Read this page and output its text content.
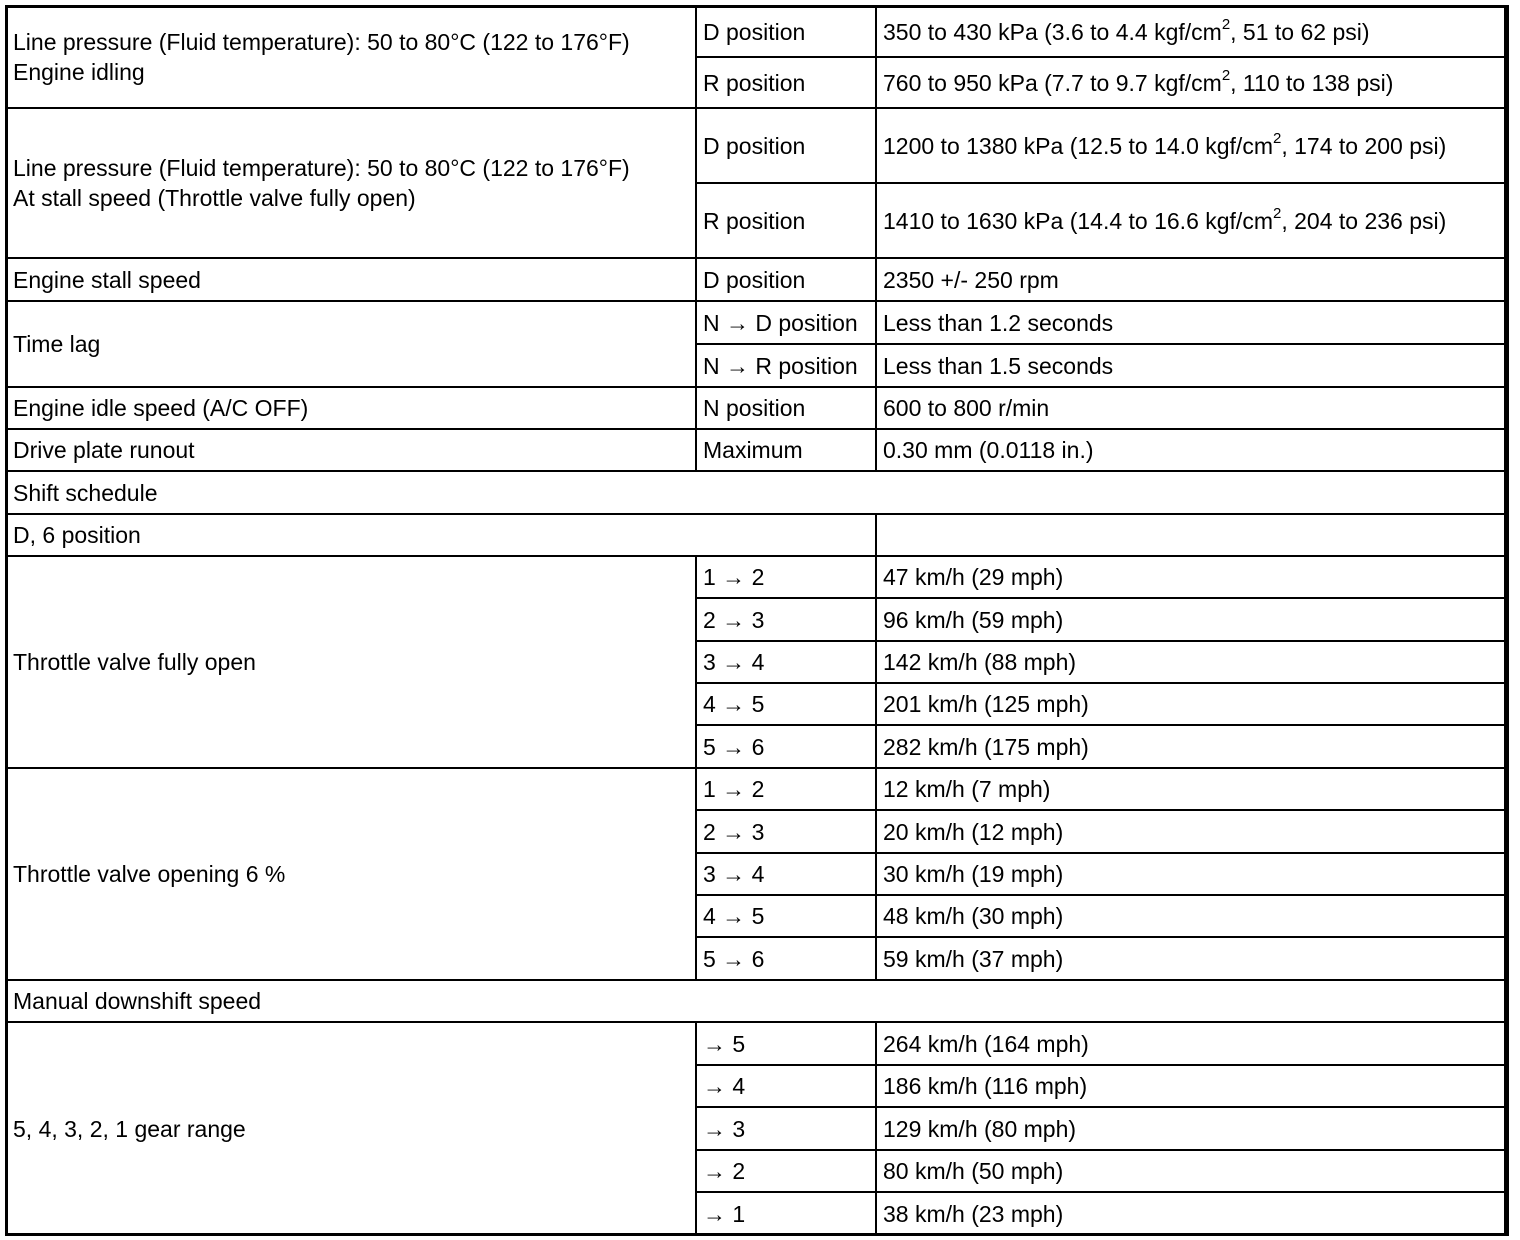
Line pressure (Fluid temperature): 50 to 80°C (122 to 176°F)
Engine idling	D position	350 to 430 kPa (3.6 to 4.4 kgf/$cm^2$, 51 to 62 psi)
	R position	760 to 950 kPa (7.7 to 9.7 kgf/$cm^2$, 110 to 138 psi)

Line pressure (Fluid temperature): 50 to 80°C (122 to 176°F)
At stall speed (Throttle valve fully open)	D position	1200 to 1380 kPa (12.5 to 14.0 kgf/$cm^2$, 174 to 200 psi)
	R position	1410 to 1630 kPa (14.4 to 16.6 kgf/$cm^2$, 204 to 236 psi)
Engine stall speed	D position	2350 +/- 250 rpm
Time lag	N → D position	Less than 1.2 seconds
	N → R position	Less than 1.5 seconds
Engine idle speed (A/C OFF)	N position	600 to 800 r/min
Drive plate runout	Maximum	0.30 mm (0.0118 in.)
Shift schedule		
D, 6 position		
Throttle valve fully open	1 → 2	47 km/h (29 mph)
	2 → 3	96 km/h (59 mph)
	3 → 4	142 km/h (88 mph)
	4 → 5	201 km/h (125 mph)
	5 → 6	282 km/h (175 mph)
Throttle valve opening 6 %	1 → 2	12 km/h (7 mph)
	2 → 3	20 km/h (12 mph)
	3 → 4	30 km/h (19 mph)
	4 → 5	48 km/h (30 mph)
	5 → 6	59 km/h (37 mph)
Manual downshift speed		
5, 4, 3, 2, 1 gear range	→ 5	264 km/h (164 mph)
	→ 4	186 km/h (116 mph)
	→ 3	129 km/h (80 mph)
	→ 2	80 km/h (50 mph)
	→ 1	38 km/h (23 mph)
